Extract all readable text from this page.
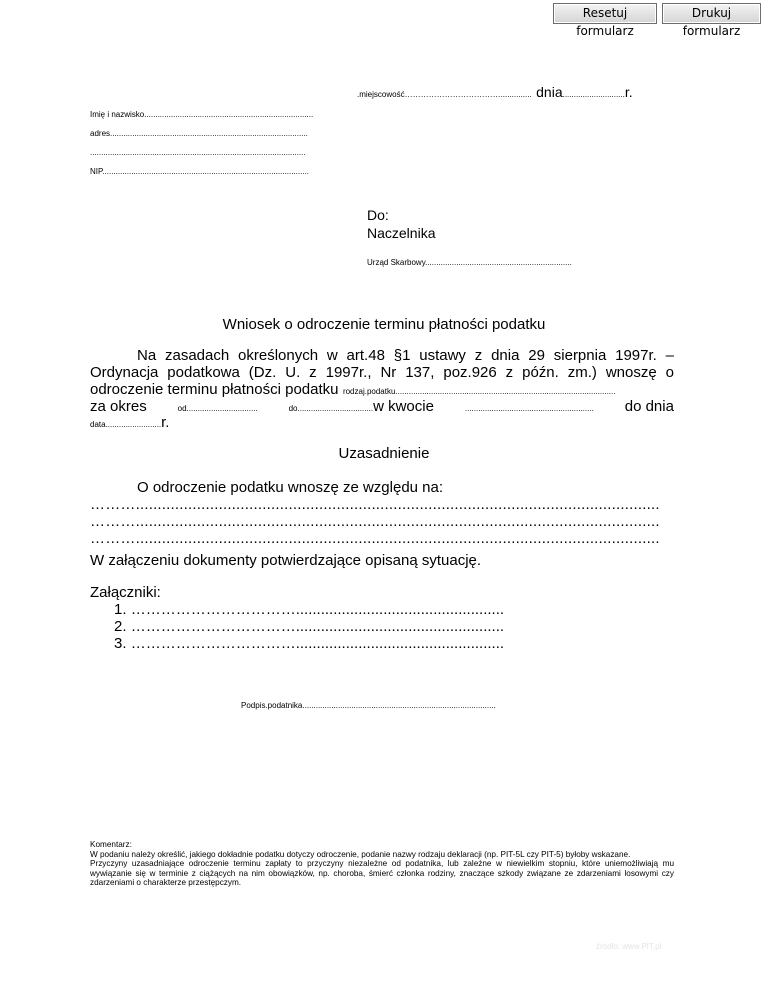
Resetuj formularz
Drukuj formularz
.miejscowość……………………………….............. dnia............................r.
Imię i nazwisko............................................................................
adres.........................................................................................
.................................................................................................
NIP.............................................................................................
Do:
Naczelnika
Urząd Skarbowy..................................................................
Wniosek o odroczenie terminu płatności podatku
Na zasadach określonych w art.48 §1 ustawy z dnia 29 sierpnia 1997r. –
Ordynacja podatkowa (Dz. U. z 1997r., Nr 137, poz.926 z późn. zm.) wnoszę o
odroczenie terminu płatności podatku rodzaj.podatku...................................................................................................
za okres	od................................	do..................................w kwocie	.......................................................... do dnia
data.........................r.
Uzasadnienie
O odroczenie podatku wnoszę ze względu na:
………........................................................................................................................
………........................................................................................................................
………........................................................................................................................
W załączeniu dokumenty potwierdzające opisaną sytuację.
Załączniki:
1. ……………………………..................................................
2. ……………………………..................................................
3. ……………………………..................................................
Podpis.podatnika.......................................................................................
Komentarz:
W podaniu należy określić, jakiego dokładnie podatku dotyczy odroczenie, podanie nazwy rodzaju deklaracji (np. PIT-5L czy PIT-5) byłoby wskazane.
Przyczyny uzasadniające odroczenie terminu zapłaty to przyczyny niezależne od podatnika, lub zależne w niewielkim stopniu, które uniemożliwiają mu wywiązanie się w terminie z ciążących na nim obowiązków, np. choroba, śmierć członka rodziny, znaczące szkody związane ze zdarzeniami losowymi czy zdarzeniami o charakterze przestępczym.
źródło: www.PIT.pl
